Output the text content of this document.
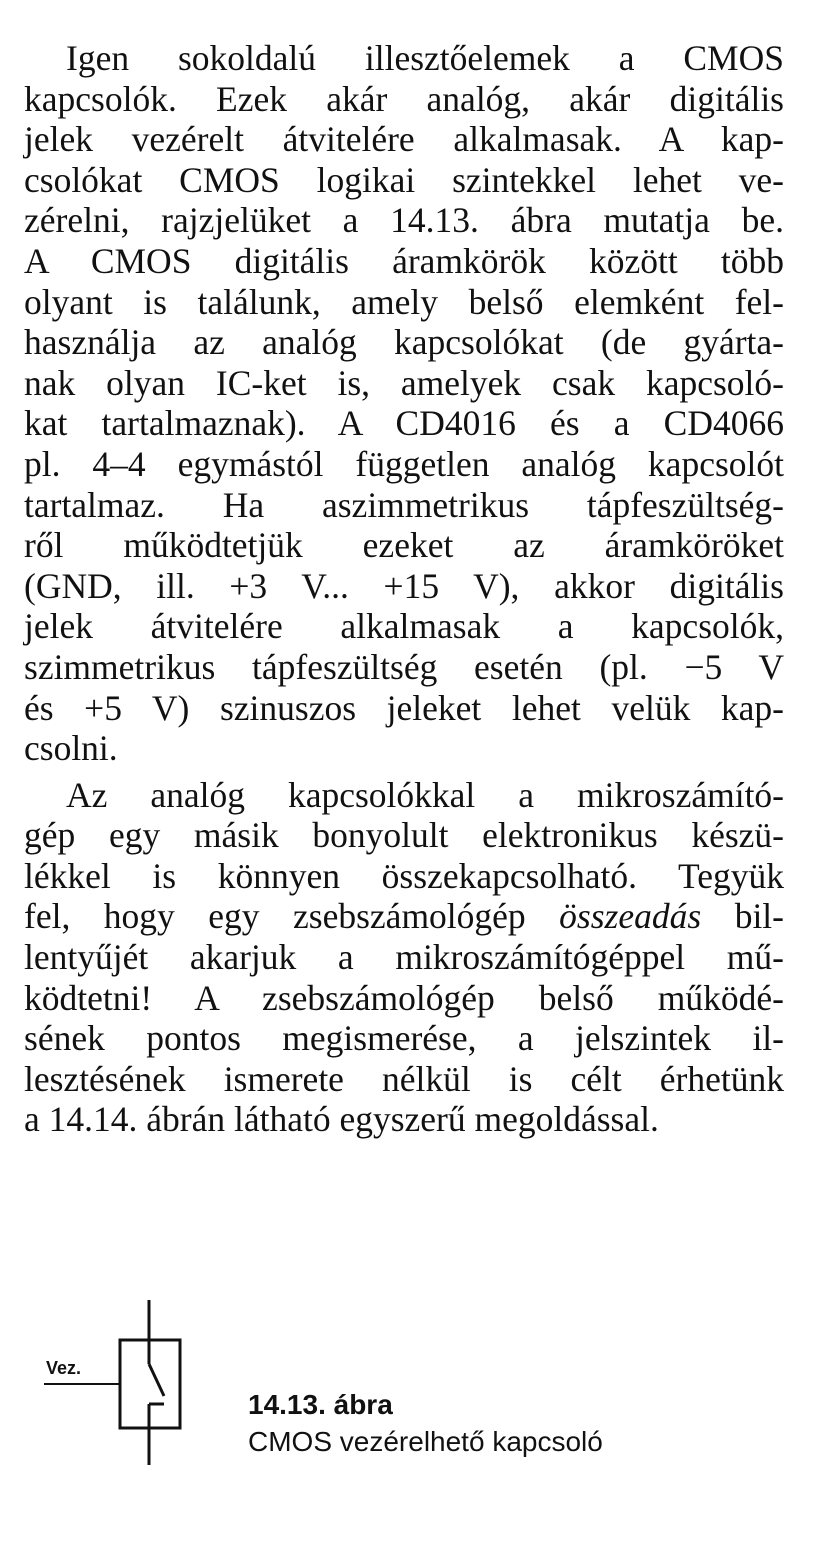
Igen sokoldalú illesztőelemek a CMOS
kapcsolók. Ezek akár analóg, akár digitális
jelek vezérelt átvitelére alkalmasak. A kap-
csolókat CMOS logikai szintekkel lehet ve-
zérelni, rajzjelüket a 14.13. ábra mutatja be.
A CMOS digitális áramkörök között több
olyant is találunk, amely belső elemként fel-
használja az analóg kapcsolókat (de gyárta-
nak olyan IC-ket is, amelyek csak kapcsoló-
kat tartalmaznak). A CD4016 és a CD4066
pl. 4–4 egymástól független analóg kapcsolót
tartalmaz. Ha aszimmetrikus tápfeszültség-
ről működtetjük ezeket az áramköröket
(GND, ill. +3 V... +15 V), akkor digitális
jelek átvitelére alkalmasak a kapcsolók,
szimmetrikus tápfeszültség esetén (pl. −5 V
és +5 V) szinuszos jeleket lehet velük kap-
csolni.
Az analóg kapcsolókkal a mikroszámító-
gép egy másik bonyolult elektronikus készü-
lékkel is könnyen összekapcsolható. Tegyük
fel, hogy egy zsebszámológép összeadás bil-
lentyűjét akarjuk a mikroszámítógéppel mű-
ködtetni! A zsebszámológép belső működé-
sének pontos megismerése, a jelszintek il-
lesztésének ismerete nélkül is célt érhetünk
a 14.14. ábrán látható egyszerű megoldással.
Vez.
14.13. ábra
CMOS vezérelhető kapcsoló
